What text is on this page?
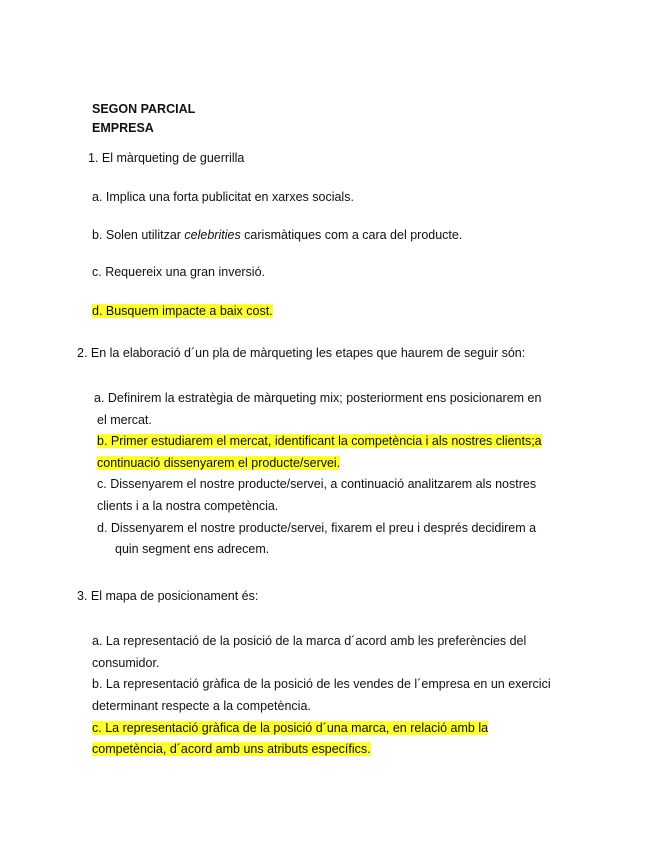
SEGON PARCIAL
EMPRESA
1. El màrqueting de guerrilla
a. Implica una forta publicitat en xarxes socials.
b. Solen utilitzar celebrities carismàtiques com a cara del producte.
c. Requereix una gran inversió.
d. Busquem impacte a baix cost.
2. En la elaboració d´un pla de màrqueting les etapes que haurem de seguir són:
a. Definirem la estratègia de màrqueting mix; posteriorment ens posicionarem en
el mercat.
b. Primer estudiarem el mercat, identificant la competència i als nostres clients;a
continuació dissenyarem el producte/servei.
c. Dissenyarem el nostre producte/servei, a continuació analitzarem als nostres
clients i a la nostra competència.
d. Dissenyarem el nostre producte/servei, fixarem el preu i després decidirem a
quin segment ens adrecem.
3. El mapa de posicionament és:
a. La representació de la posició de la marca d´acord amb les preferències del
consumidor.
b. La representació gràfica de la posició de les vendes de l´empresa en un exercici
determinant respecte a la competència.
c. La representació gràfica de la posició d´una marca, en relació amb la
competència, d´acord amb uns atributs específics.
